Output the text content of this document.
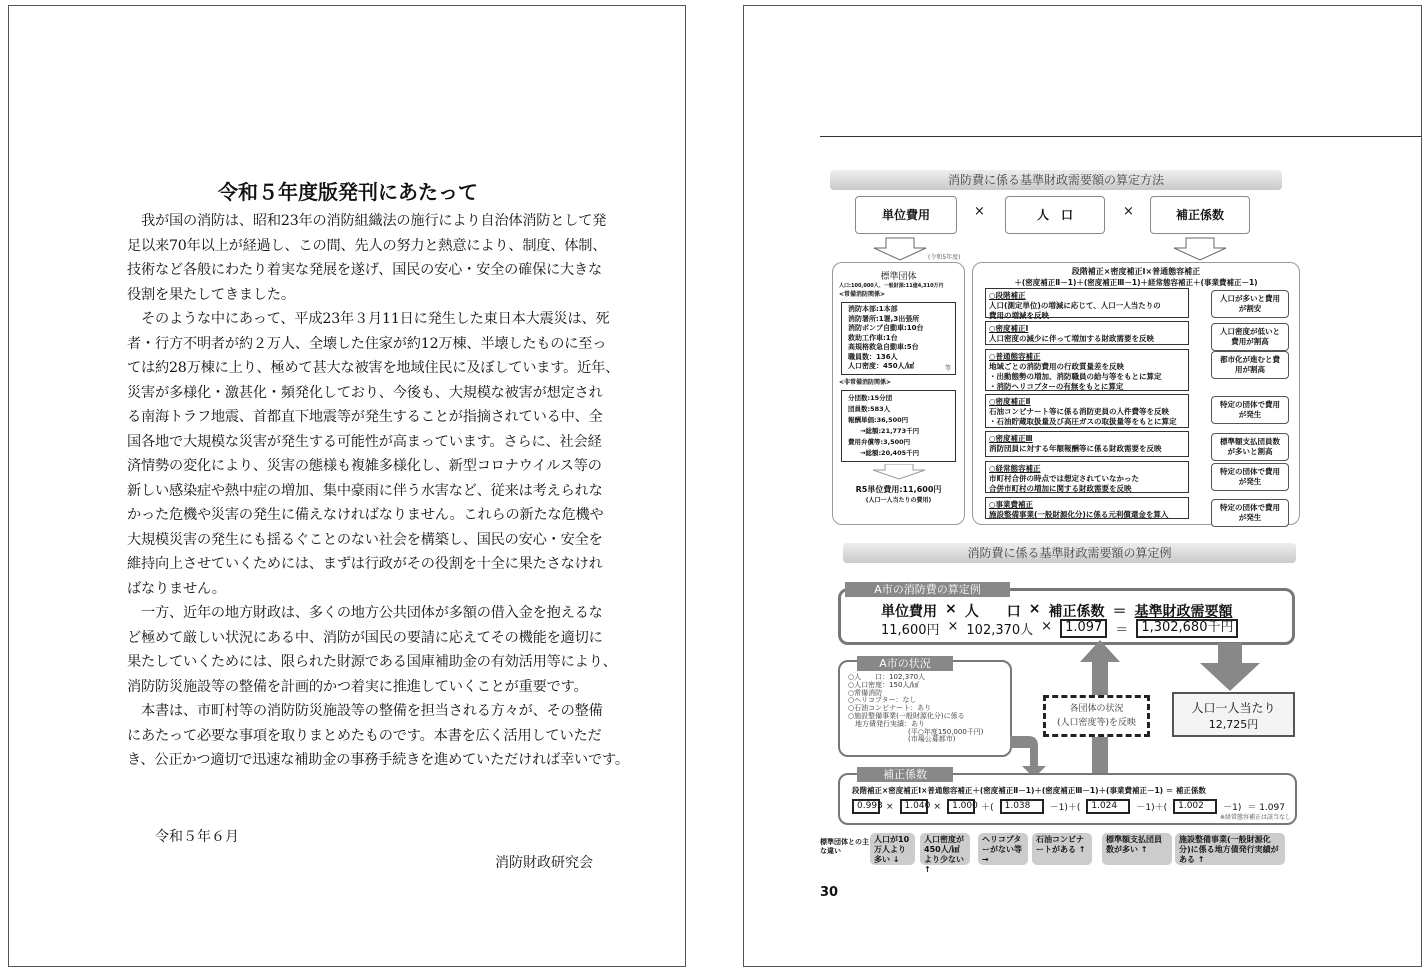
令和５年度版発刊にあたって
　我が国の消防は、昭和23年の消防組織法の施行により自治体消防として発
足以来70年以上が経過し、この間、先人の努力と熱意により、制度、体制、
技術など各般にわたり着実な発展を遂げ、国民の安心・安全の確保に大きな
役割を果たしてきました。
　そのような中にあって、平成23年３月11日に発生した東日本大震災は、死
者・行方不明者が約２万人、全壊した住家が約12万棟、半壊したものに至っ
ては約28万棟に上り、極めて甚大な被害を地域住民に及ぼしています。近年、
災害が多様化・激甚化・頻発化しており、今後も、大規模な被害が想定され
る南海トラフ地震、首都直下地震等が発生することが指摘されている中、全
国各地で大規模な災害が発生する可能性が高まっています。さらに、社会経
済情勢の変化により、災害の態様も複雑多様化し、新型コロナウイルス等の
新しい感染症や熱中症の増加、集中豪雨に伴う水害など、従来は考えられな
かった危機や災害の発生に備えなければなりません。これらの新たな危機や
大規模災害の発生にも揺るぐことのない社会を構築し、国民の安心・安全を
維持向上させていくためには、まずは行政がその役割を十全に果たさなけれ
ばなりません。
　一方、近年の地方財政は、多くの地方公共団体が多額の借入金を抱えるな
ど極めて厳しい状況にある中、消防が国民の要請に応えてその機能を適切に
果たしていくためには、限られた財源である国庫補助金の有効活用等により、
消防防災施設等の整備を計画的かつ着実に推進していくことが重要です。
　本書は、市町村等の消防防災施設等の整備を担当される方々が、その整備
にあたって必要な事項を取りまとめたものです。本書を広く活用していただ
き、公正かつ適切で迅速な補助金の事務手続きを進めていただければ幸いです。
令和５年６月
消防財政研究会
消防費に係る基準財政需要額の算定方法
単位費用	×	人　口	×	補正係数
(令和5年度)
標準団体
人口:100,000人、一般財源:11億4,310万円
<常備消防関係>
消防本部:1本部
消防署所:1署,3出張所
消防ポンプ自動車:10台
救助工作車:1台
高規格救急自動車:5台
職員数：136人
人口密度：450人/㎢	等
<非常備消防関係>
分団数:15分団
団員数:583人
報酬単価:36,500円
→総額:21,773千円
費用弁償等:3,500円
→総額:20,405千円
R5単位費用:11,600円
(人口一人当たりの費用)
段階補正×密度補正Ⅰ×普通態容補正
＋(密度補正Ⅱ－1)＋(密度補正Ⅲ－1)＋経常態容補正＋(事業費補正－1)
○段階補正
人口(測定単位)の増減に応じて、人口一人当たりの
費用の増減を反映
人口が多いと費用が割安
○密度補正Ⅰ
人口密度の減少に伴って増加する財政需要を反映
人口密度が低いと費用が割高
○普通態容補正
地域ごとの消防費用の行政質量差を反映
・出動態勢の増加、消防職員の給与等をもとに算定
・消防ヘリコプターの有無をもとに算定
都市化が進むと費用が割高
○密度補正Ⅱ
石油コンビナート等に係る消防吏員の人件費等を反映
・石油貯蔵取扱量及び高圧ガスの取扱量等をもとに算定
特定の団体で費用が発生
○密度補正Ⅲ
消防団員に対する年額報酬等に係る財政需要を反映
標準額支払団員数が多いと割高
○経常態容補正
市町村合併の時点では想定されていなかった
合併市町村の増加に関する財政需要を反映
特定の団体で費用が発生
○事業費補正
施設整備事業(一般財源化分)に係る元利償還金を算入
特定の団体で費用が発生
消防費に係る基準財政需要額の算定例
単位費用 × 人　　口 × 補正係数 ＝ 基準財政需要額
11,600円 × 102,370人 ×	1.097	＝	1,302,680千円
A市の消防費の算定例
○人　　口：102,370人
○人口密度：150人/㎢
○常備消防
○ヘリコプター：なし
○石油コンビナート：あり
○施設整備事業(一般財源化分)に係る
　地方債発行実績：あり
(平○年度150,000千円)
(市場公募都市)
A市の状況
各団体の状況
(人口密度等)を反映
人口一人当たり
12,725円
段階補正×密度補正Ⅰ×普通態容補正＋(密度補正Ⅱ－1)＋(密度補正Ⅲ－1)＋(事業費補正－1) ＝ 補正係数
0.993 ×	1.040 ×	1.000 ＋(	1.038	－1)＋(	1.024	－1)＋(	1.002	－1) ＝ 1.097
※経常態容補正は該当なし
補正係数
標準団体との主な違い
人口が10万人より多い ↓
人口密度が450人/㎢より少ない ↑
ヘリコプターがない等 →
石油コンビナートがある ↑
標準額支払団員数が多い ↑
施設整備事業(一般財源化分)に係る地方債発行実績がある ↑
30
